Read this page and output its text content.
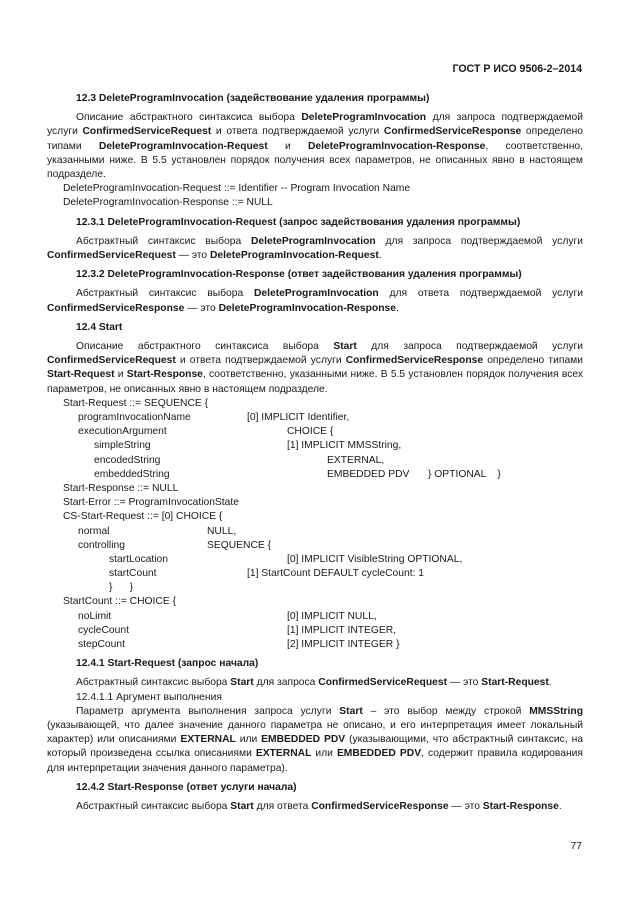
ГОСТ Р ИСО 9506-2–2014

12.3 DeleteProgramInvocation (задействование удаления программы)

Описание абстрактного синтаксиса выбора DeleteProgramInvocation для запроса подтверждаемой услуги ConfirmedServiceRequest и ответа подтверждаемой услуги ConfirmedServiceResponse определено типами DeleteProgramInvocation-Request и DeleteProgramInvocation-Response, соответственно, указанными ниже. В 5.5 установлен порядок получения всех параметров, не описанных явно в настоящем подразделе.

DeleteProgramInvocation-Request ::= Identifier -- Program Invocation Name

DeleteProgramInvocation-Response ::= NULL

12.3.1 DeleteProgramInvocation-Request (запрос задействования удаления программы)

Абстрактный синтаксис выбора DeleteProgramInvocation для запроса подтверждаемой услуги ConfirmedServiceRequest — это DeleteProgramInvocation-Request.

12.3.2 DeleteProgramInvocation-Response (ответ задействования удаления программы)

Абстрактный синтаксис выбора DeleteProgramInvocation для ответа подтверждаемой услуги ConfirmedServiceResponse — это DeleteProgramInvocation-Response.

12.4 Start

Описание абстрактного синтаксиса выбора Start для запроса подтверждаемой услуги ConfirmedServiceRequest и ответа подтверждаемой услуги ConfirmedServiceResponse определено типами Start-Request и Start-Response, соответственно, указанными ниже. В 5.5 установлен порядок получения всех параметров, не описанных явно в настоящем подразделе.

Start-Request ::= SEQUENCE {
programInvocationName	[0] IMPLICIT Identifier,
executionArgument	CHOICE {
simpleString	[1] IMPLICIT MMSString,
encodedString	EXTERNAL,
embeddedString	EMBEDDED PDV } OPTIONAL    }
Start-Response ::= NULL
Start-Error ::= ProgramInvocationState
CS-Start-Request ::= [0] CHOICE {
normal	NULL,
controlling	SEQUENCE {
startLocation	[0] IMPLICIT VisibleString OPTIONAL,
startCount	[1] StartCount DEFAULT cycleCount: 1
}      }
StartCount ::= CHOICE {
noLimit	[0] IMPLICIT NULL,
cycleCount	[1] IMPLICIT INTEGER,
stepCount	[2] IMPLICIT INTEGER }

12.4.1 Start-Request (запрос начала)

Абстрактный синтаксис выбора Start для запроса ConfirmedServiceRequest — это Start-Request.

12.4.1.1 Аргумент выполнения

Параметр аргумента выполнения запроса услуги Start – это выбор между строкой MMSString (указывающей, что далее значение данного параметра не описано, и его интерпретация имеет локальный характер) или описаниями EXTERNAL или EMBEDDED PDV (указывающими, что абстрактный синтаксис, на который произведена ссылка описаниями EXTERNAL или EMBEDDED PDV, содержит правила кодирования для интерпретации значения данного параметра).

12.4.2 Start-Response (ответ услуги начала)

Абстрактный синтаксис выбора Start для ответа ConfirmedServiceResponse — это Start-Response.

77
